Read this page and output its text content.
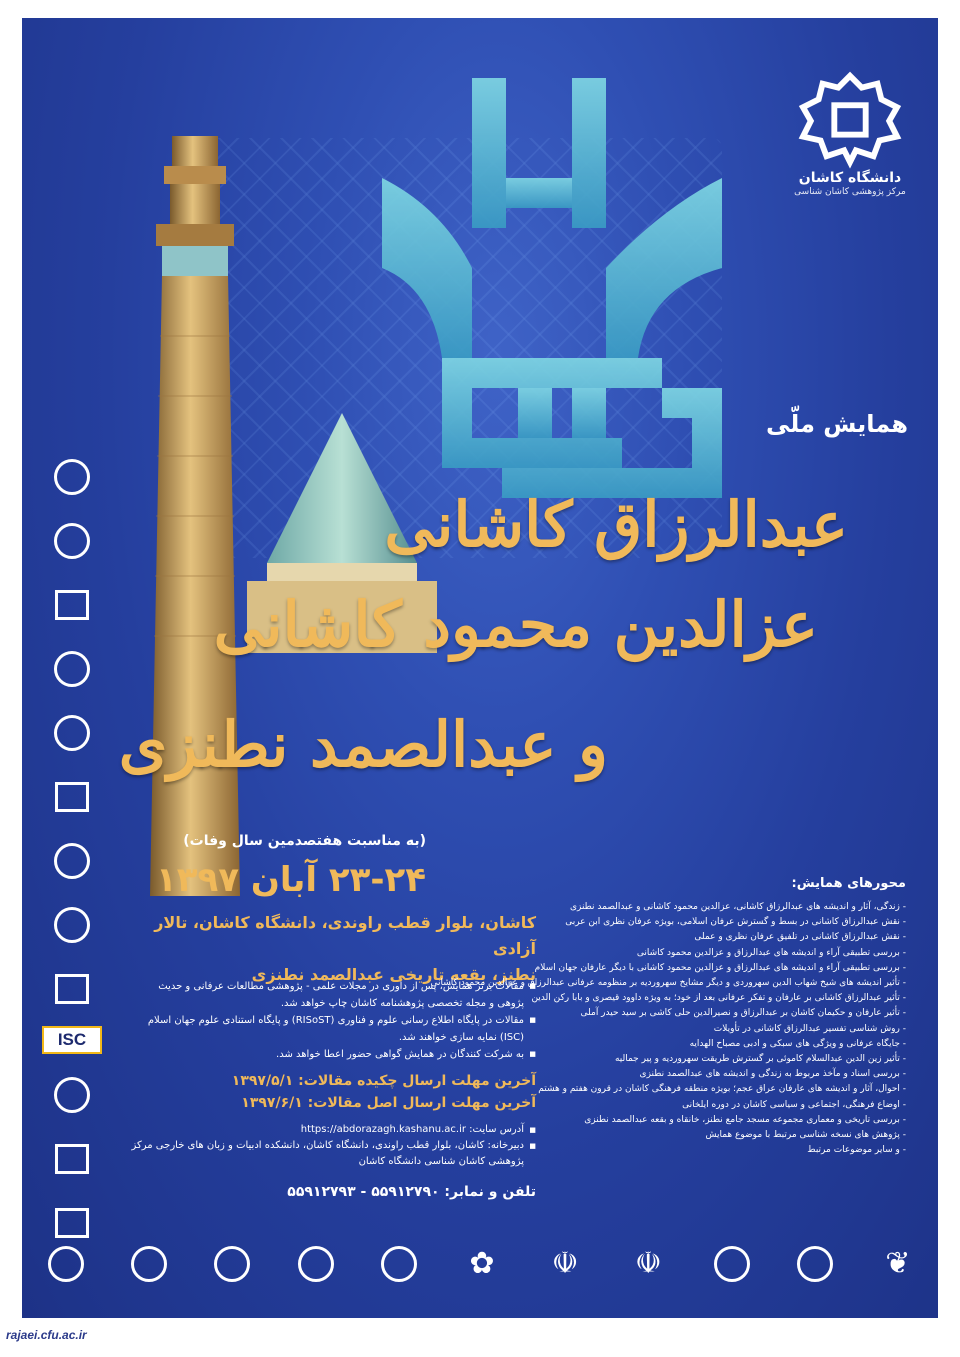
دانشگاه کاشان
مرکز پژوهشی کاشان شناسی
ISC
همایش ملّی
عبدالرزاق کاشانی
عزالدین محمود کاشانی
و عبدالصمد نطنزی
(به مناسبت هفتصدمین سال وفات)
۲۳-۲۴ آبان ۱۳۹۷
کاشان، بلوار قطب راوندی، دانشگاه کاشان، تالار آزادی
نطنز، بقعه تاریخی عبدالصمد نطنزی
■ مقالات برتر همایش، پس از داوری در مجلات علمی - پژوهشی مطالعات عرفانی و حدیث پژوهی و مجله تخصصی پژوهشنامه کاشان چاپ خواهد شد.
■ مقالات در پایگاه اطلاع رسانی علوم و فناوری (RISoST) و پایگاه استنادی علوم جهان اسلام (ISC) نمایه سازی خواهند شد.
■ به شرکت کنندگان در همایش گواهی حضور اعطا خواهد شد.
آخرین مهلت ارسال چکیده مقالات: ۱۳۹۷/۵/۱
آخرین مهلت ارسال اصل مقالات: ۱۳۹۷/۶/۱
■ آدرس سایت: https://abdorazagh.kashanu.ac.ir
■ دبیرخانه: کاشان، بلوار قطب راوندی، دانشگاه کاشان، دانشکده ادبیات و زبان های خارجی مرکز پژوهشی کاشان شناسی دانشگاه کاشان
تلفن و نمابر: ۵۵۹۱۲۷۹۰ - ۵۵۹۱۲۷۹۳
محورهای همایش:
- زندگی، آثار و اندیشه های عبدالرزاق کاشانی، عزالدین محمود کاشانی و عبدالصمد نطنزی
- نقش عبدالرزاق کاشانی در بسط و گسترش عرفان اسلامی، بویژه عرفان نظری ابن عربی
- نقش عبدالرزاق کاشانی در تلفیق عرفان نظری و عملی
- بررسی تطبیقی آراء و اندیشه های عبدالرزاق و عزالدین محمود کاشانی
- بررسی تطبیقی آراء و اندیشه های عبدالرزاق و عزالدین محمود کاشانی با دیگر عارفان جهان اسلام
- تأثیر اندیشه های شیخ شهاب الدین سهروردی و دیگر مشایخ سهروردیه بر منظومه عرفانی عبدالرزاق و عزالدین محمود کاشانی
- تأثیر عبدالرزاق کاشانی بر عارفان و تفکر عرفانی بعد از خود؛ به ویژه داوود قیصری و بابا رکن الدین
- تأثیر عارفان و حکیمان کاشان بر عبدالرزاق و نصیرالدین حلی کاشی بر سید حیدر آملی
- روش شناسی تفسیر عبدالرزاق کاشانی در تأویلات
- جایگاه عرفانی و ویژگی های سبکی و ادبی مصباح الهدایه
- تأثیر زین الدین عبدالسلام کاموئی بر گسترش طریقت سهروردیه و پیر جمالیه
- بررسی اسناد و مآخذ مربوط به زندگی و اندیشه های عبدالصمد نطنزی
- احوال، آثار و اندیشه های عارفان عراق عجم؛ بویژه منطقه فرهنگی کاشان در قرون هفتم و هشتم
- اوضاع فرهنگی، اجتماعی و سیاسی کاشان در دوره ایلخانی
- بررسی تاریخی و معماری مجموعه مسجد جامع نطنز، خانقاه و بقعه عبدالصمد نطنزی
- پژوهش های نسخه شناسی مرتبط با موضوع همایش
- و سایر موضوعات مرتبط
✿ ☫ ☫	❦
rajaei.cfu.ac.ir
